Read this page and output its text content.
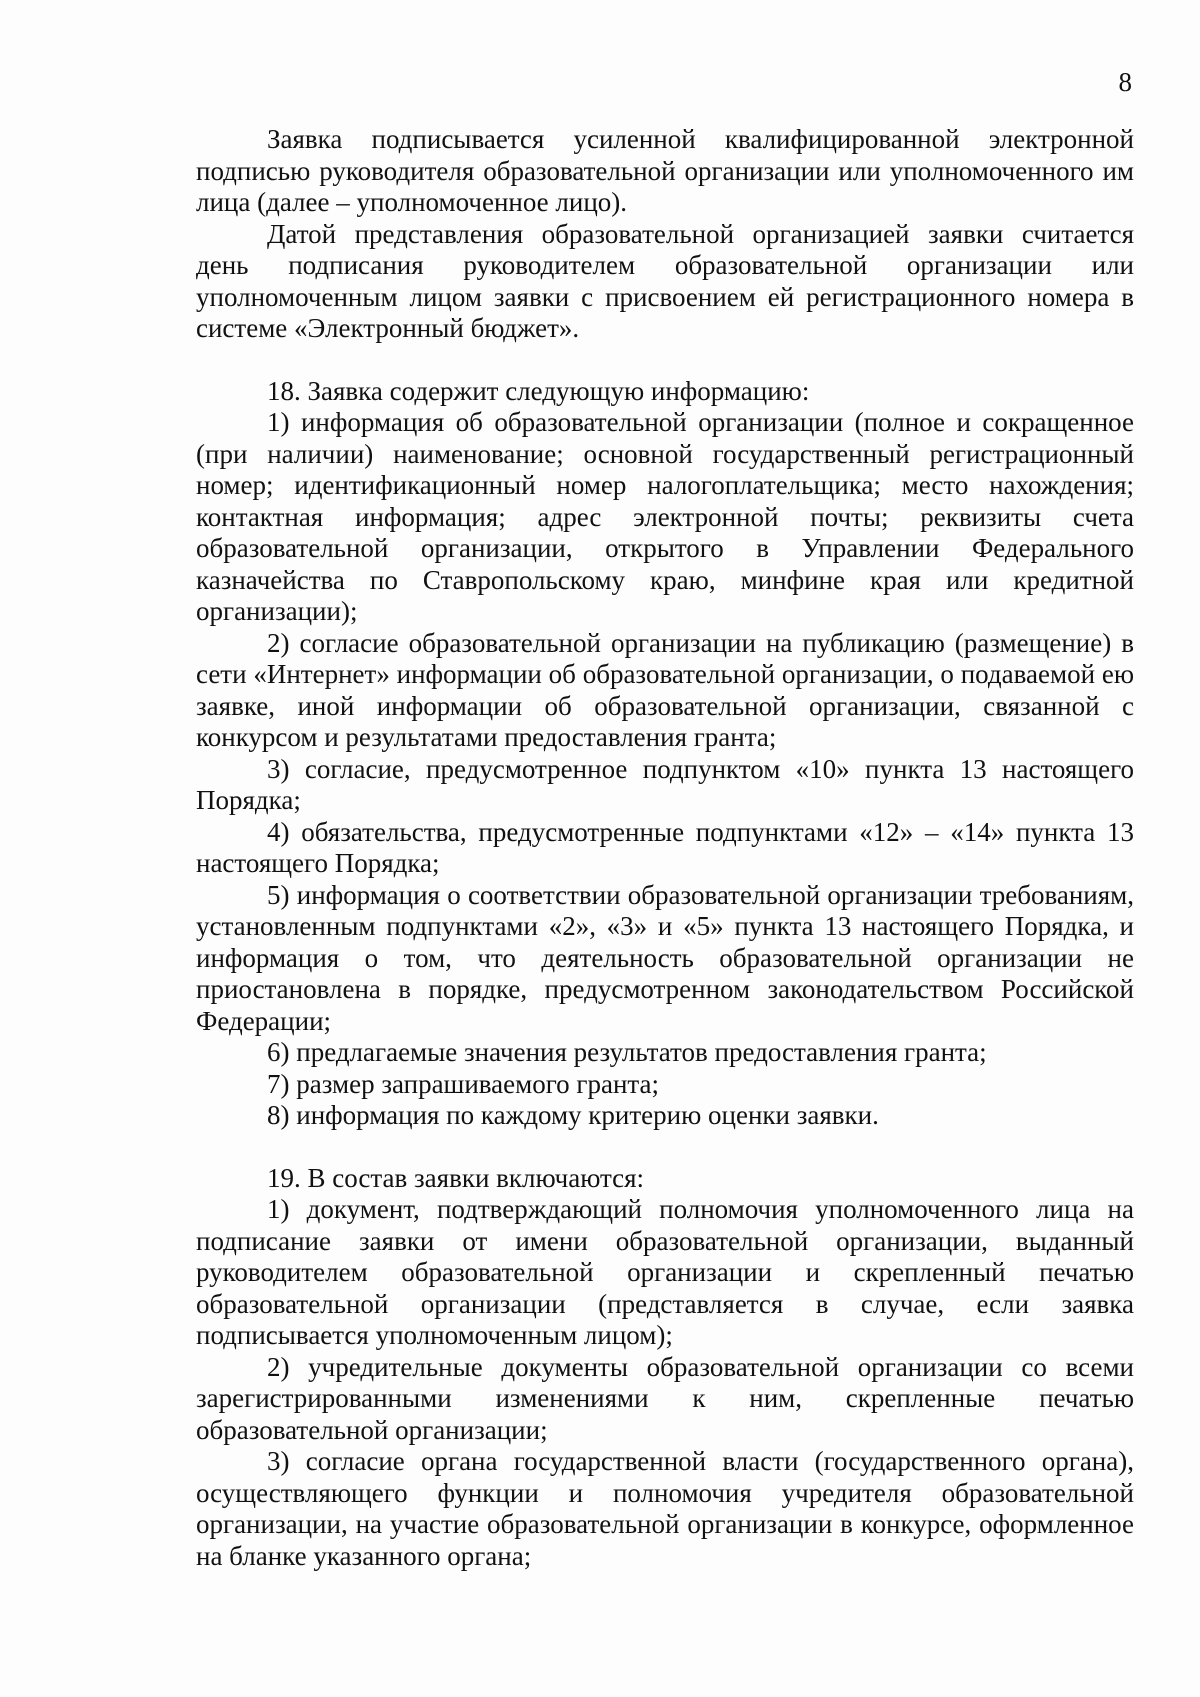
8

Заявка подписывается усиленной квалифицированной электронной подписью руководителя образовательной организации или уполномоченного им лица (далее – уполномоченное лицо).

Датой представления образовательной организацией заявки считается день подписания руководителем образовательной организации или уполномоченным лицом заявки с присвоением ей регистрационного номера в системе «Электронный бюджет».

18. Заявка содержит следующую информацию:

1) информация об образовательной организации (полное и сокращенное (при наличии) наименование; основной государственный регистрационный номер; идентификационный номер налогоплательщика; место нахождения; контактная информация; адрес электронной почты; реквизиты счета образовательной организации, открытого в Управлении Федерального казначейства по Ставропольскому краю, минфине края или кредитной организации);

2) согласие образовательной организации на публикацию (размещение) в сети «Интернет» информации об образовательной организации, о подаваемой ею заявке, иной информации об образовательной организации, связанной с конкурсом и результатами предоставления гранта;

3) согласие, предусмотренное подпунктом «10» пункта 13 настоящего Порядка;

4) обязательства, предусмотренные подпунктами «12» – «14» пункта 13 настоящего Порядка;

5) информация о соответствии образовательной организации требованиям, установленным подпунктами «2», «3» и «5» пункта 13 настоящего Порядка, и информация о том, что деятельность образовательной организации не приостановлена в порядке, предусмотренном законодательством Российской Федерации;

6) предлагаемые значения результатов предоставления гранта;

7) размер запрашиваемого гранта;

8) информация по каждому критерию оценки заявки.

19. В состав заявки включаются:

1) документ, подтверждающий полномочия уполномоченного лица на подписание заявки от имени образовательной организации, выданный руководителем образовательной организации и скрепленный печатью образовательной организации (представляется в случае, если заявка подписывается уполномоченным лицом);

2) учредительные документы образовательной организации со всеми зарегистрированными изменениями к ним, скрепленные печатью образовательной организации;

3) согласие органа государственной власти (государственного органа), осуществляющего функции и полномочия учредителя образовательной организации, на участие образовательной организации в конкурсе, оформленное на бланке указанного органа;
